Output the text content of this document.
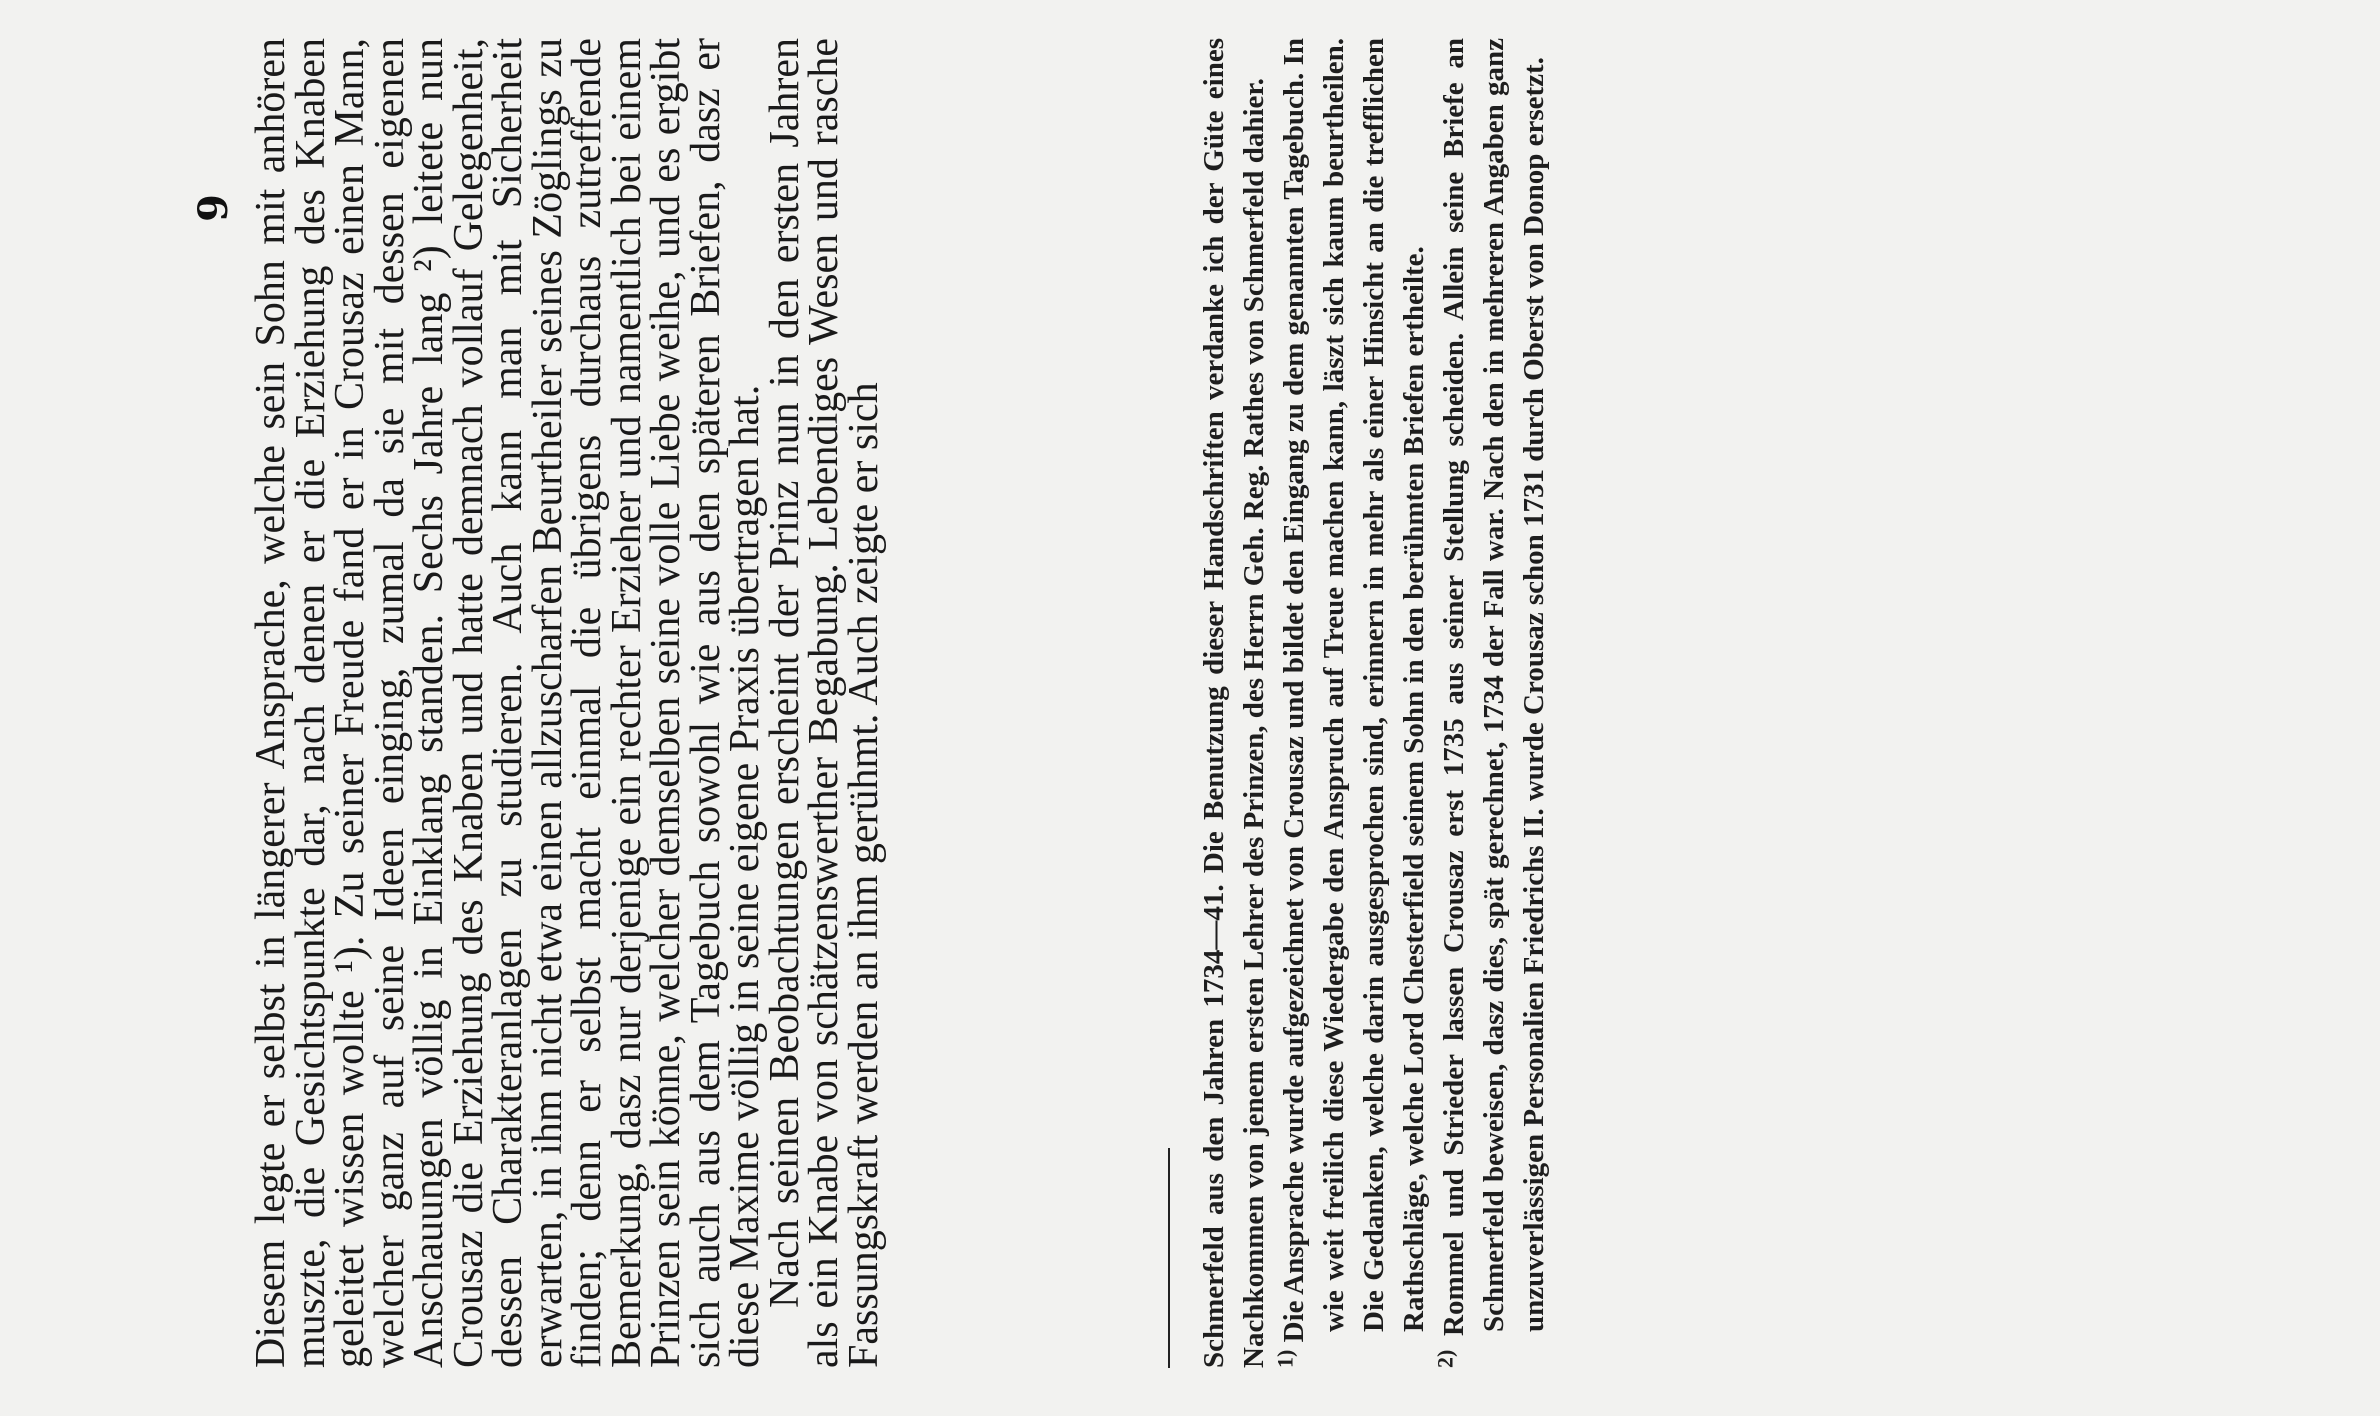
9 Diesem legte er selbst in längerer Ansprache, welche sein Sohn mit anhören muszte, die Gesichtspunkte dar, nach denen er die Erziehung des Knaben geleitet wissen wollte ¹). Zu seiner Freude fand er in Crousaz einen Mann, welcher ganz auf seine Ideen einging, zumal da sie mit dessen eigenen Anschauungen völlig in Einklang standen. Sechs Jahre lang ²) leitete nun Crousaz die Erziehung des Knaben und hatte demnach vollauf Gelegenheit, dessen Charakteranlagen zu studieren. Auch kann man mit Sicherheit erwarten, in ihm nicht etwa einen allzuscharfen Beurtheiler seines Zöglings zu finden; denn er selbst macht einmal die übrigens durchaus zutreffende Bemerkung, dasz nur derjenige ein rechter Erzieher und namentlich bei einem Prinzen sein könne, welcher demselben seine volle Liebe weihe, und es ergibt sich auch aus dem Tagebuch sowohl wie aus den späteren Briefen, dasz er diese Maxime völlig in seine eigene Praxis übertragen hat.

Nach seinen Beobachtungen erscheint der Prinz nun in den ersten Jahren als ein Knabe von schätzenswerther Begabung. Lebendiges Wesen und rasche Fassungskraft werden an ihm gerühmt. Auch zeigte er sich	Schmerfeld aus den Jahren 1734—41. Die Benutzung dieser Handschriften verdanke ich der Güte eines Nachkommen von jenem ersten Lehrer des Prinzen, des Herrn Geh. Reg. Rathes von Schmerfeld dahier. $^{1)}$ Die Ansprache wurde aufgezeichnet von Crousaz und bildet den Eingang zu dem genannten Tagebuch. In wie weit freilich diese Wiedergabe den Anspruch auf Treue machen kann, läszt sich kaum beurtheilen. Die Gedanken, welche darin ausgesprochen sind, erinnern in mehr als einer Hinsicht an die trefflichen Rathschläge, welche Lord Chesterfield seinem Sohn in den berühmten Briefen ertheilte.

$^{2)}$ Rommel und Strieder lassen Crousaz erst 1735 aus seiner Stellung scheiden. Allein seine Briefe an Schmerfeld beweisen, dasz dies, spät gerechnet, 1734 der Fall war. Nach den in mehreren Angaben ganz unzuverlässigen Personalien Friedrichs II. wurde Crousaz schon 1731 durch Oberst von Donop ersetzt.
